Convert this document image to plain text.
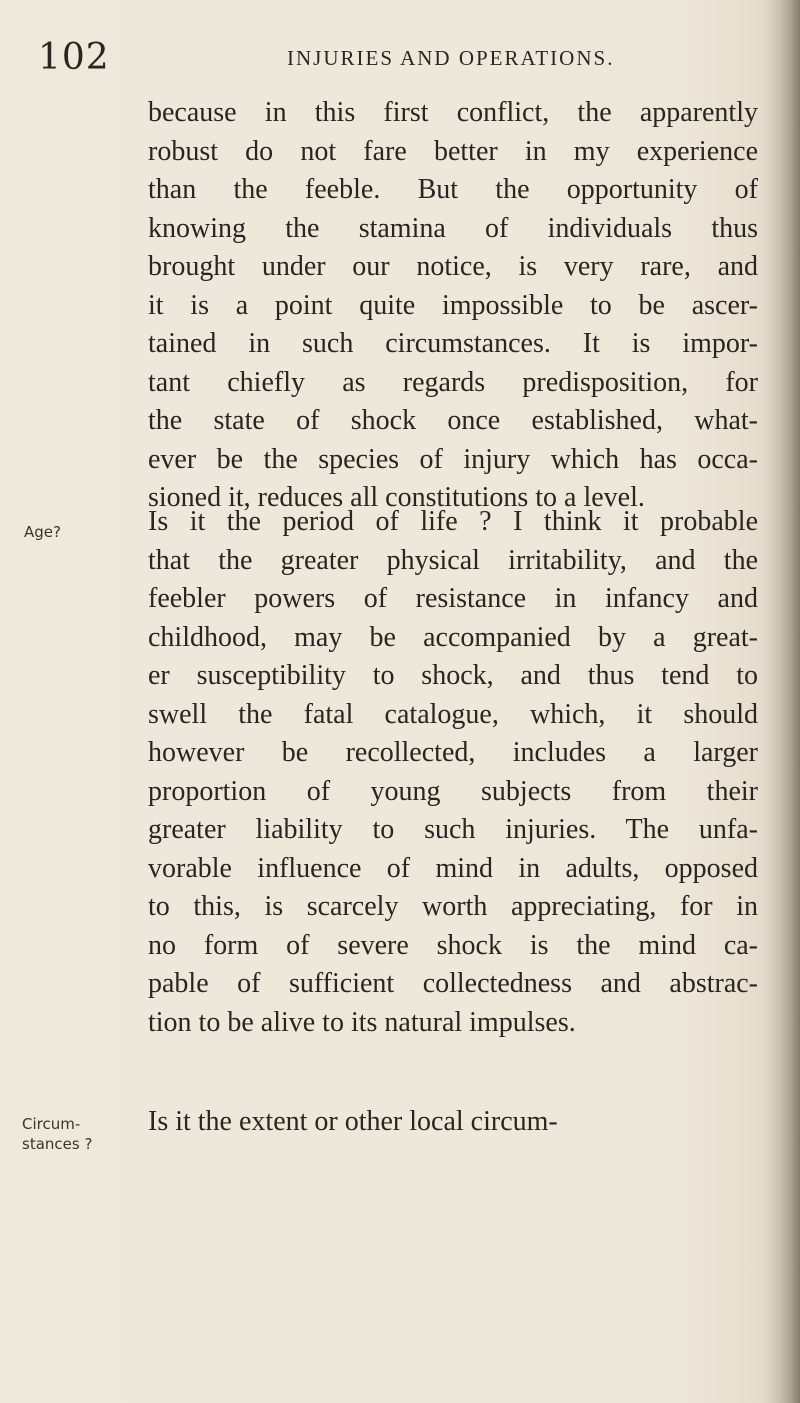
102	INJURIES AND OPERATIONS.
Age?
Circum-
stances ?
because in this first conflict, the apparently
robust do not fare better in my experience
than the feeble. But the opportunity of
knowing the stamina of individuals thus
brought under our notice, is very rare, and
it is a point quite impossible to be ascer-
tained in such circumstances. It is impor-
tant chiefly as regards predisposition, for
the state of shock once established, what-
ever be the species of injury which has occa-
sioned it, reduces all constitutions to a level.
Is it the period of life ? I think it probable
that the greater physical irritability, and the
feebler powers of resistance in infancy and
childhood, may be accompanied by a great-
er susceptibility to shock, and thus tend to
swell the fatal catalogue, which, it should
however be recollected, includes a larger
proportion of young subjects from their
greater liability to such injuries. The unfa-
vorable influence of mind in adults, opposed
to this, is scarcely worth appreciating, for in
no form of severe shock is the mind ca-
pable of sufficient collectedness and abstrac-
tion to be alive to its natural impulses.
Is it the extent or other local circum-
